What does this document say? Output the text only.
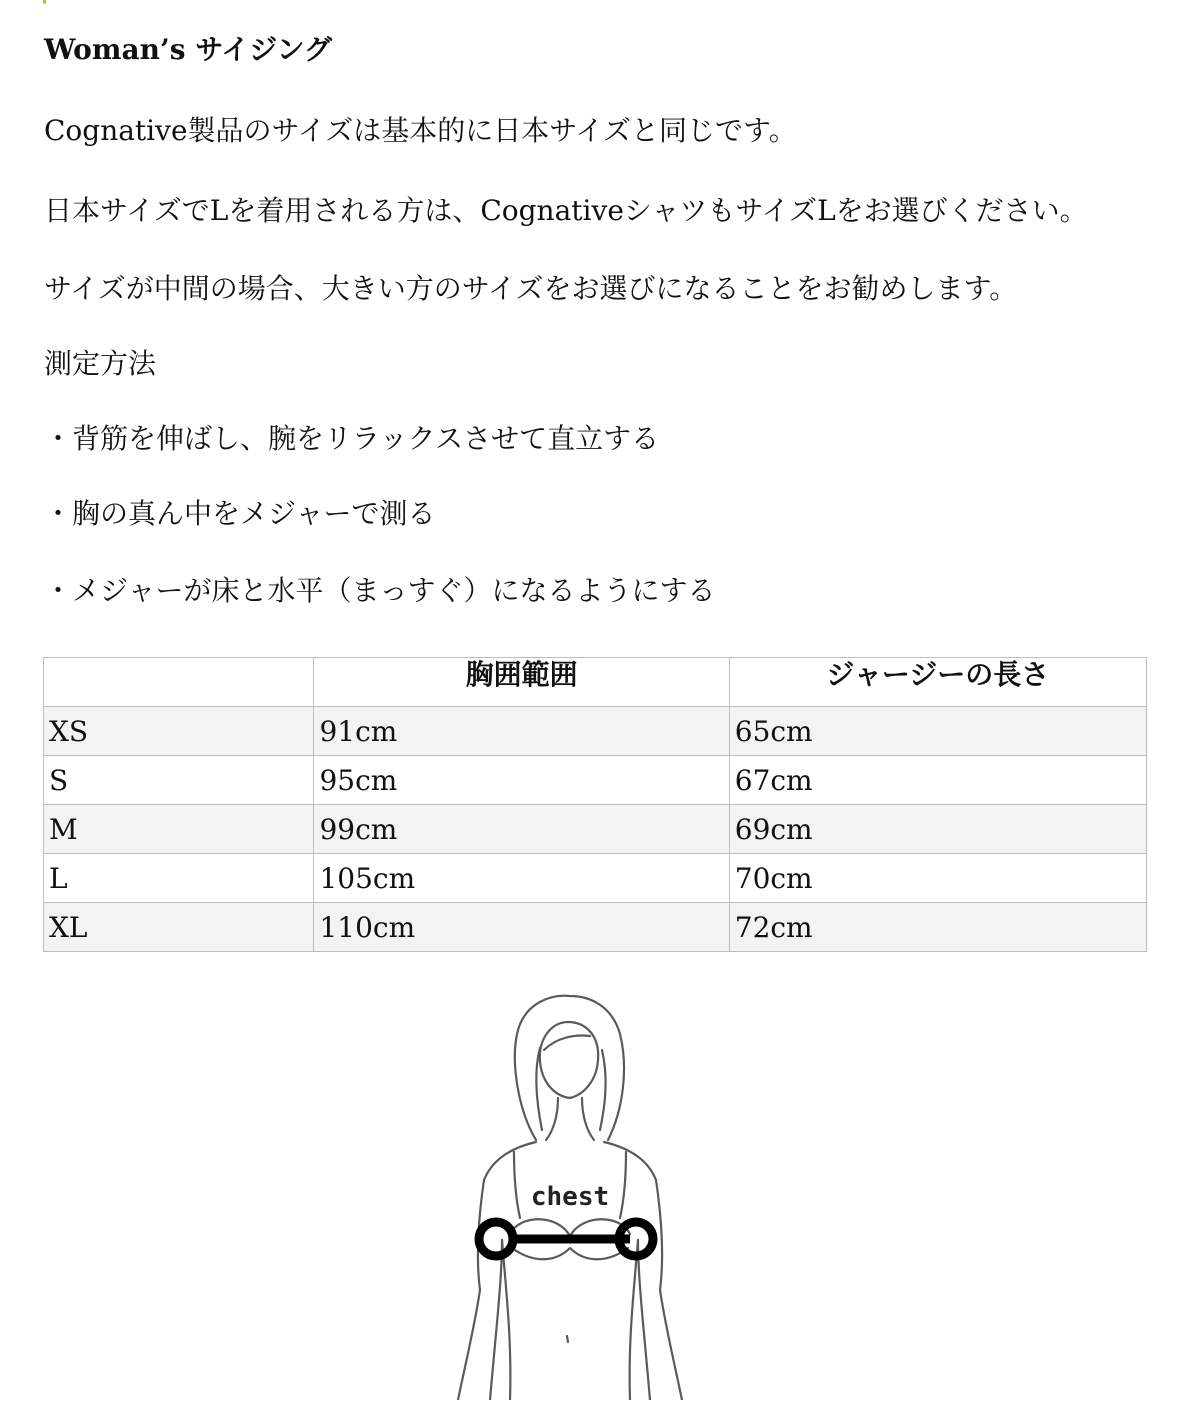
Woman’s サイジング
Cognative製品のサイズは基本的に日本サイズと同じです。
日本サイズでLを着用される方は、CognativeシャツもサイズLをお選びください。
サイズが中間の場合、大きい方のサイズをお選びになることをお勧めします。
測定方法
・背筋を伸ばし、腕をリラックスさせて直立する
・胸の真ん中をメジャーで測る
・メジャーが床と水平（まっすぐ）になるようにする
	胸囲範囲	ジャージーの長さ
XS	91cm	65cm
S	95cm	67cm
M	99cm	69cm
L	105cm	70cm
XL	110cm	72cm
chest
